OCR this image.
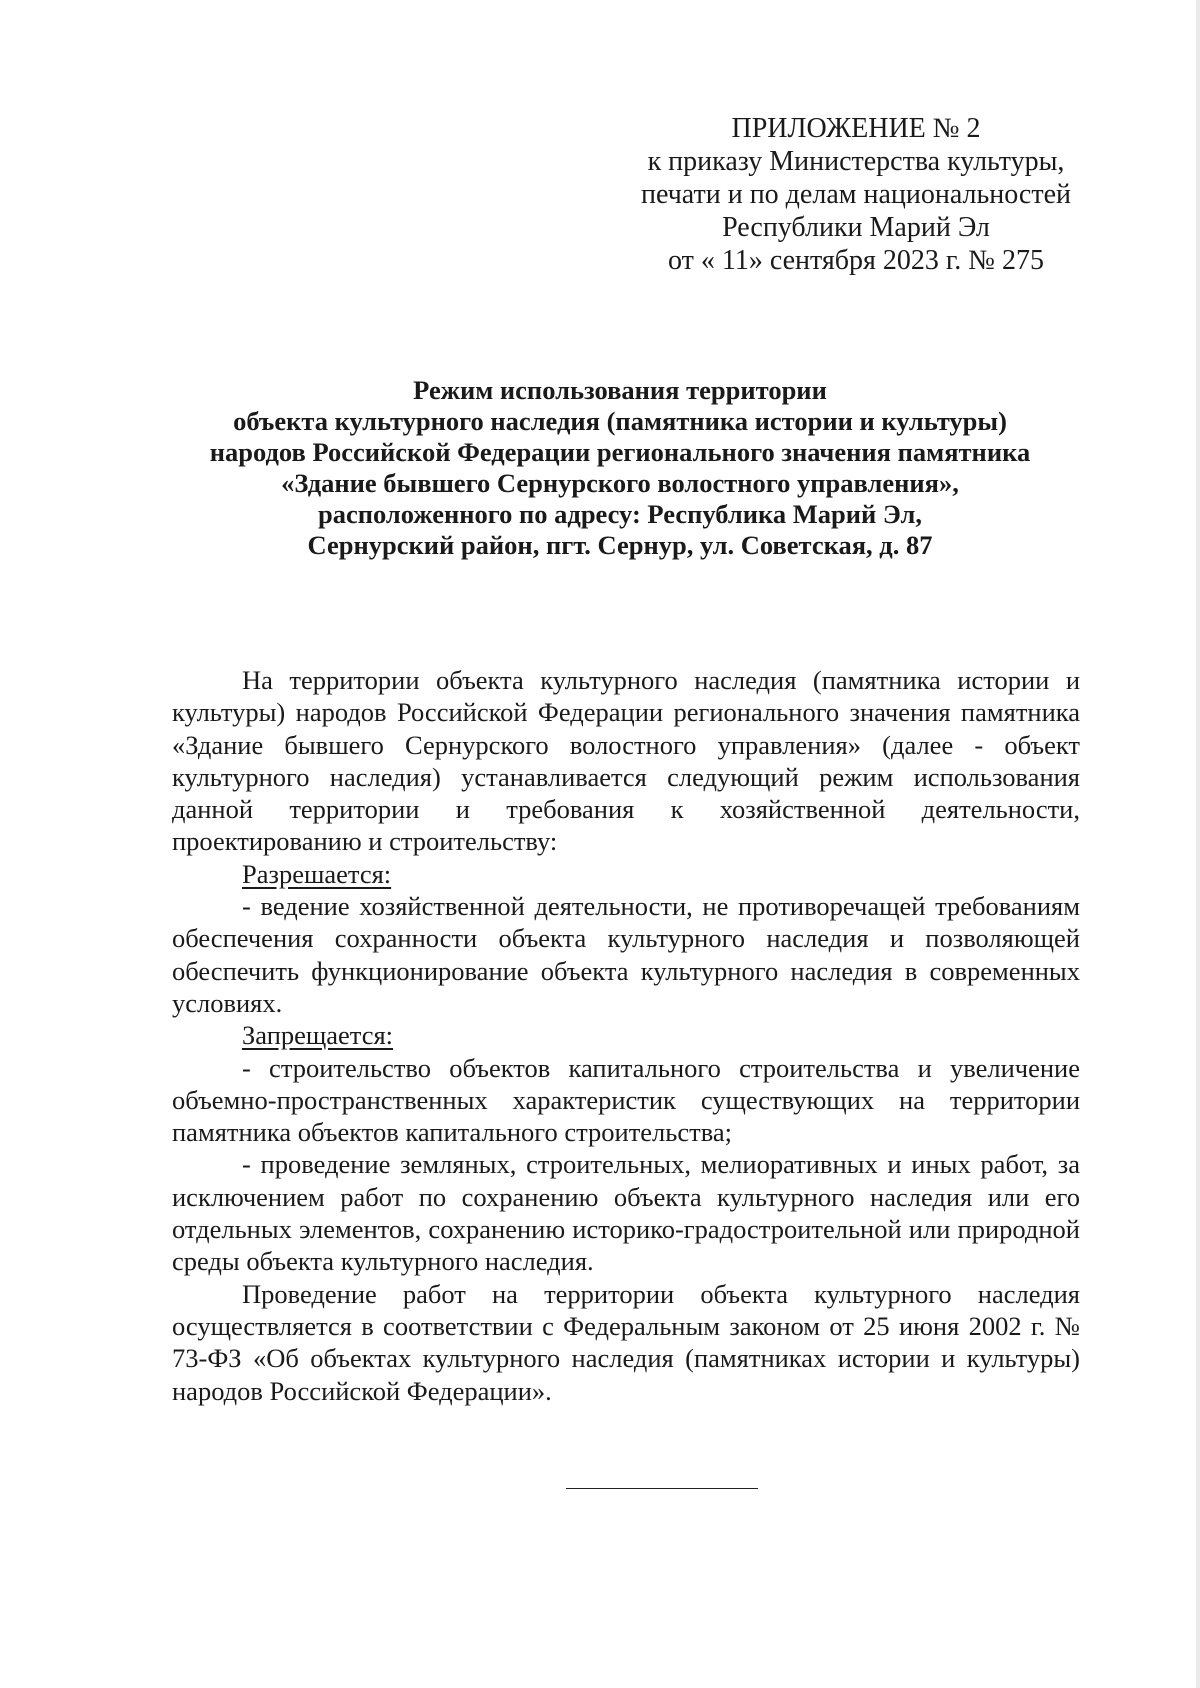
ПРИЛОЖЕНИЕ № 2
к приказу Министерства культуры,
печати и по делам национальностей
Республики Марий Эл
от « 11» сентября 2023 г. № 275
Режим использования территории
объекта культурного наследия (памятника истории и культуры)
народов Российской Федерации регионального значения памятника
«Здание бывшего Сернурского волостного управления»,
расположенного по адресу: Республика Марий Эл,
Сернурский район, пгт. Сернур, ул. Советская, д. 87

На территории объекта культурного наследия (памятника истории и культуры) народов Российской Федерации регионального значения памятника «Здание бывшего Сернурского волостного управления» (далее - объект культурного наследия) устанавливается следующий режим использования данной территории и требования к хозяйственной деятельности, проектированию и строительству:

Разрешается:

- ведение хозяйственной деятельности, не противоречащей требованиям обеспечения сохранности объекта культурного наследия и позволяющей обеспечить функционирование объекта культурного наследия в современных условиях.

Запрещается:

- строительство объектов капитального строительства и увеличение объемно-пространственных характеристик существующих на территории памятника объектов капитального строительства;

- проведение земляных, строительных, мелиоративных и иных работ, за исключением работ по сохранению объекта культурного наследия или его отдельных элементов, сохранению историко-градостроительной или природной среды объекта культурного наследия.

Проведение работ на территории объекта культурного наследия осуществляется в соответствии с Федеральным законом от 25 июня 2002 г. № 73-ФЗ «Об объектах культурного наследия (памятниках истории и культуры) народов Российской Федерации».
